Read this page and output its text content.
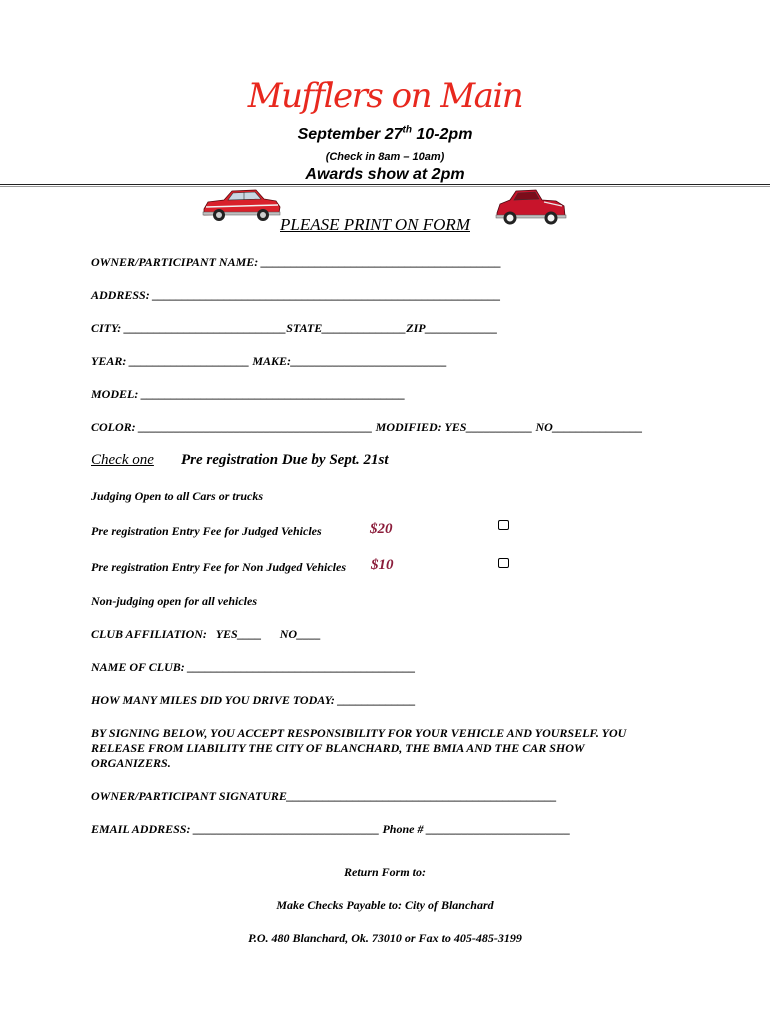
Mufflers on Main
September 27th 10-2pm
(Check in 8am – 10am)
Awards show at 2pm
PLEASE PRINT ON FORM
OWNER/PARTICIPANT NAME: ________________________________________
ADDRESS: __________________________________________________________
CITY: ___________________________STATE______________ZIP____________
YEAR: ____________________ MAKE:__________________________
MODEL: ____________________________________________
COLOR: _______________________________________ MODIFIED: YES___________ NO_______________
Check one Pre registration Due by Sept. 21st
Judging Open to all Cars or trucks
Pre registration Entry Fee for Judged Vehicles	$20
Pre registration Entry Fee for Non Judged Vehicles $10
Non-judging open for all vehicles
CLUB AFFILIATION:   YES____      NO____
NAME OF CLUB: ______________________________________
HOW MANY MILES DID YOU DRIVE TODAY: _____________
BY SIGNING BELOW, YOU ACCEPT RESPONSIBILITY FOR YOUR VEHICLE AND YOURSELF. YOU
RELEASE FROM LIABILITY THE CITY OF BLANCHARD, THE BMIA AND THE CAR SHOW
ORGANIZERS.
OWNER/PARTICIPANT SIGNATURE_____________________________________________
EMAIL ADDRESS: _______________________________ Phone # ________________________
Return Form to:
Make Checks Payable to: City of Blanchard
P.O. 480 Blanchard, Ok. 73010 or Fax to 405-485-3199
